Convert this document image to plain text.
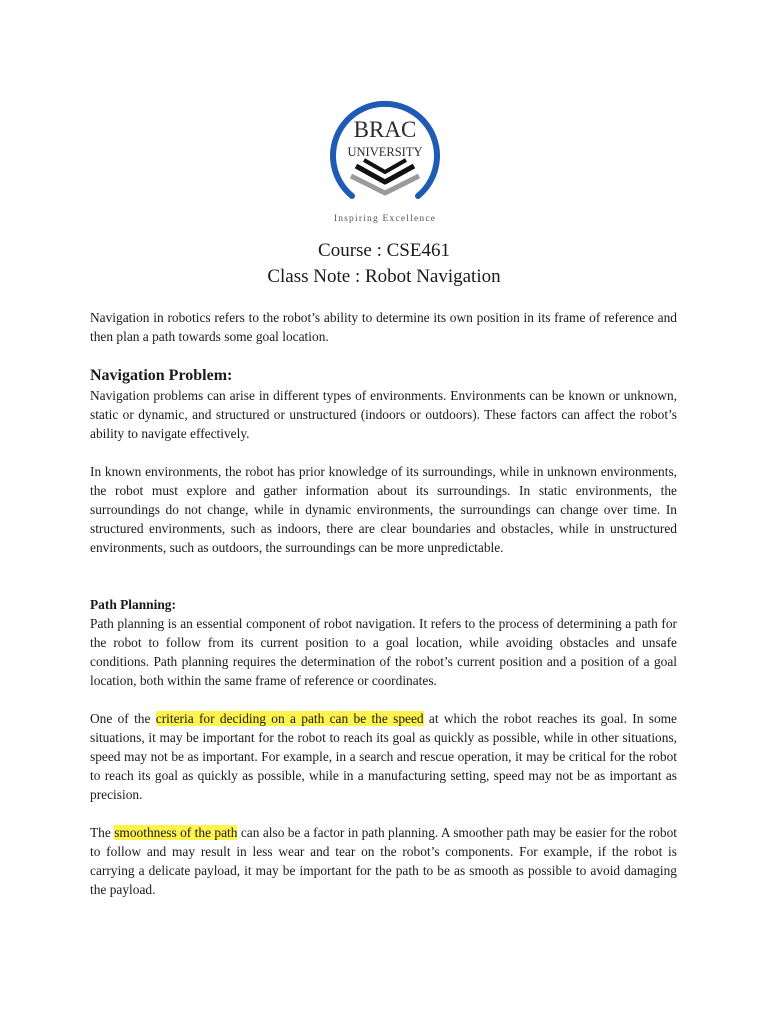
BRAC
UNIVERSITY
Inspiring Excellence
Course : CSE461
Class Note : Robot Navigation

Navigation in robotics refers to the robot’s ability to determine its own position in its frame of reference and then plan a path towards some goal location.

Navigation Problem:

Navigation problems can arise in different types of environments. Environments can be known or unknown, static or dynamic, and structured or unstructured (indoors or outdoors). These factors can affect the robot’s ability to navigate effectively.

In known environments, the robot has prior knowledge of its surroundings, while in unknown environments, the robot must explore and gather information about its surroundings. In static environments, the surroundings do not change, while in dynamic environments, the surroundings can change over time. In structured environments, such as indoors, there are clear boundaries and obstacles, while in unstructured environments, such as outdoors, the surroundings can be more unpredictable.

Path Planning:

Path planning is an essential component of robot navigation. It refers to the process of determining a path for the robot to follow from its current position to a goal location, while avoiding obstacles and unsafe conditions. Path planning requires the determination of the robot’s current position and a position of a goal location, both within the same frame of reference or coordinates.

One of the criteria for deciding on a path can be the speed at which the robot reaches its goal. In some situations, it may be important for the robot to reach its goal as quickly as possible, while in other situations, speed may not be as important. For example, in a search and rescue operation, it may be critical for the robot to reach its goal as quickly as possible, while in a manufacturing setting, speed may not be as important as precision.

The smoothness of the path can also be a factor in path planning. A smoother path may be easier for the robot to follow and may result in less wear and tear on the robot’s components. For example, if the robot is carrying a delicate payload, it may be important for the path to be as smooth as possible to avoid damaging the payload.
